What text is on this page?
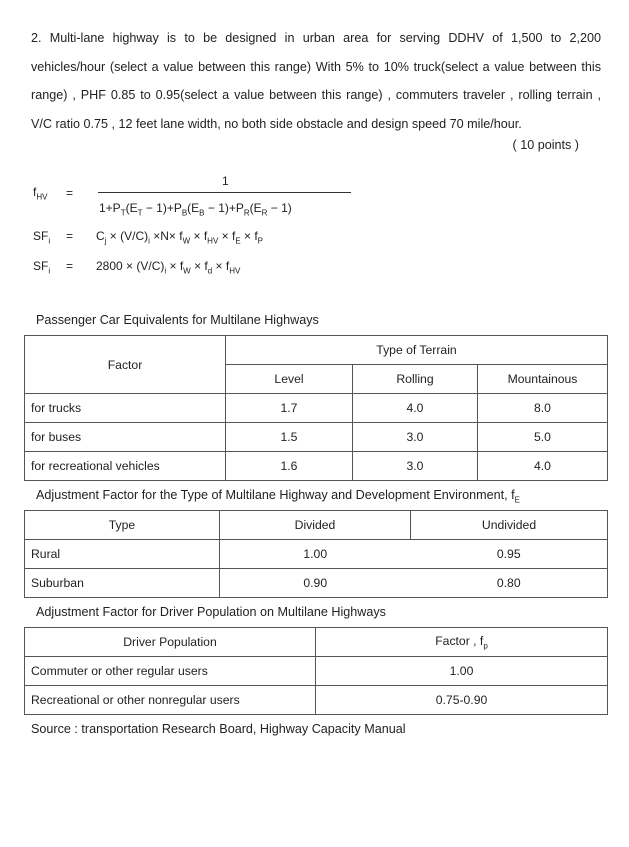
2. Multi-lane highway is to be designed in urban area for serving DDHV of 1,500 to 2,200 vehicles/hour (select a value between this range) With 5% to 10% truck(select a value between this range) , PHF 0.85 to 0.95(select a value between this range) , commuters traveler , rolling terrain , V/C ratio 0.75 , 12 feet lane width, no both side obstacle and design speed 70 mile/hour.
( 10 points )
$f_{HV}$ =
1
$1+P_T(E_T - 1)+P_B(E_B - 1)+P_R(E_R - 1)$
$SF_i = C_j \times (V/C)_i \times N\times f_W \times f_{HV} \times f_E \times f_P$
$SF_i = 2800 \times (V/C)_i \times f_W \times f_d \times f_{HV}$
Passenger Car Equivalents for Multilane Highways
Factor	Type of Terrain		
	Level	Rolling	Mountainous
for trucks	1.7	4.0	8.0
for buses	1.5	3.0	5.0
for recreational vehicles	1.6	3.0	4.0
Adjustment Factor for the Type of Multilane Highway and Development Environment, $f_E$
Type	Divided	Undivided
Rural	1.00	0.95
Suburban	0.90	0.80
Adjustment Factor for Driver Population on Multilane Highways
Driver Population	Factor , $f_p$
Commuter or other regular users	1.00
Recreational or other nonregular users	0.75-0.90
Source : transportation Research Board, Highway Capacity Manual
